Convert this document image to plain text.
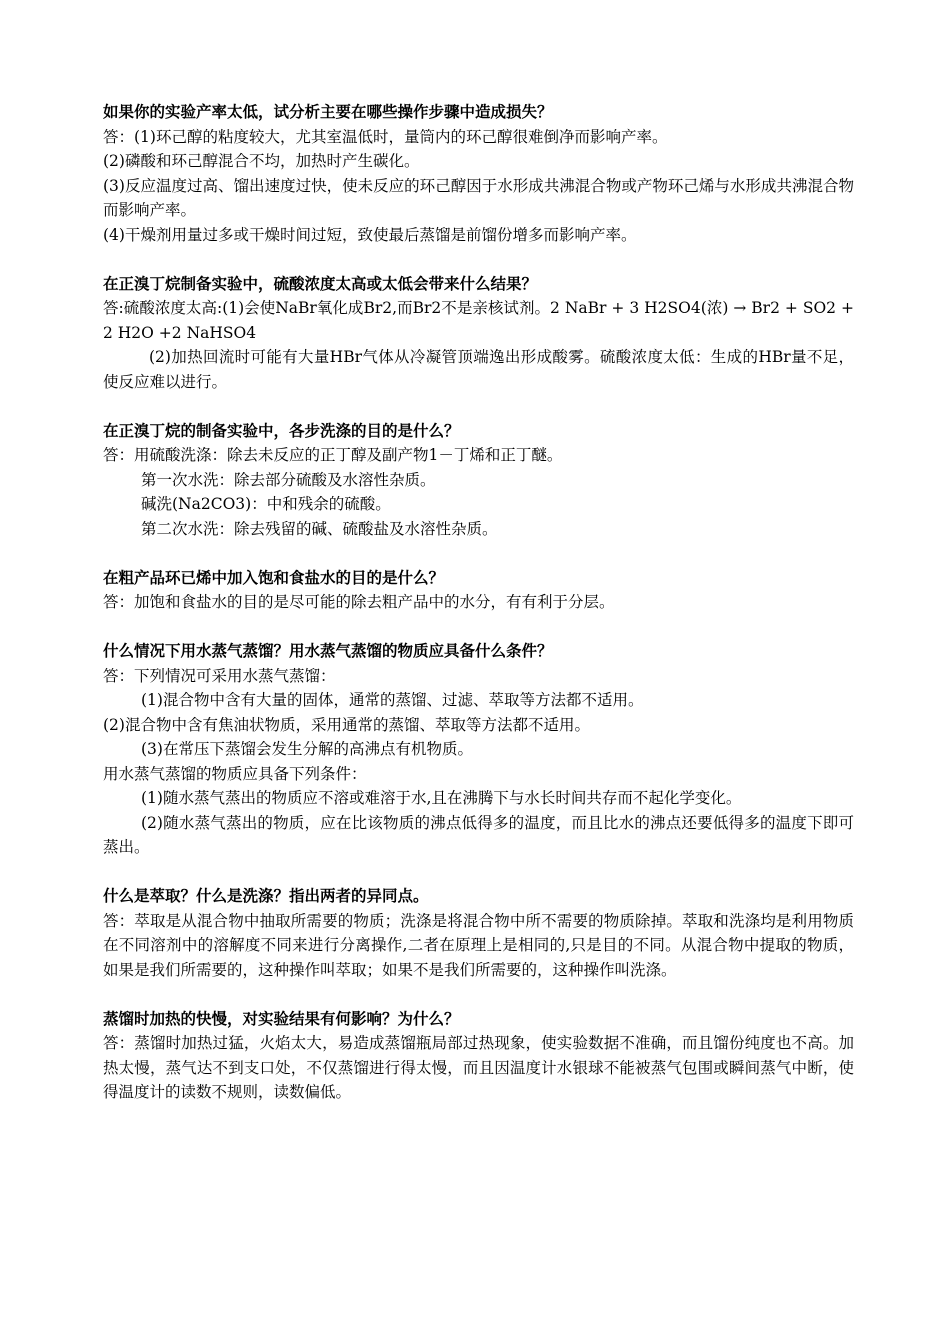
如果你的实验产率太低，试分析主要在哪些操作步骤中造成损失？

答：(1)环己醇的粘度较大，尤其室温低时，量筒内的环己醇很难倒净而影响产率。

(2)磷酸和环己醇混合不均，加热时产生碳化。

(3)反应温度过高、馏出速度过快，使未反应的环己醇因于水形成共沸混合物或产物环己烯与水形成共沸混合物而影响产率。

(4)干燥剂用量过多或干燥时间过短，致使最后蒸馏是前馏份增多而影响产率。

在正溴丁烷制备实验中，硫酸浓度太高或太低会带来什么结果？

答:硫酸浓度太高:(1)会使NaBr氧化成Br2,而Br2不是亲核试剂。2 NaBr + 3 H2SO4(浓) → Br2 + SO2 + 2 H2O +2 NaHSO4

(2)加热回流时可能有大量HBr气体从冷凝管顶端逸出形成酸雾。硫酸浓度太低：生成的HBr量不足，使反应难以进行。

在正溴丁烷的制备实验中，各步洗涤的目的是什么？

答：用硫酸洗涤：除去未反应的正丁醇及副产物1－丁烯和正丁醚。

第一次水洗：除去部分硫酸及水溶性杂质。

碱洗(Na2CO3)：中和残余的硫酸。

第二次水洗：除去残留的碱、硫酸盐及水溶性杂质。

在粗产品环已烯中加入饱和食盐水的目的是什么？

答：加饱和食盐水的目的是尽可能的除去粗产品中的水分，有有利于分层。

什么情况下用水蒸气蒸馏？用水蒸气蒸馏的物质应具备什么条件？

答：下列情况可采用水蒸气蒸馏：

(1)混合物中含有大量的固体，通常的蒸馏、过滤、萃取等方法都不适用。

(2)混合物中含有焦油状物质，采用通常的蒸馏、萃取等方法都不适用。

(3)在常压下蒸馏会发生分解的高沸点有机物质。

用水蒸气蒸馏的物质应具备下列条件：

(1)随水蒸气蒸出的物质应不溶或难溶于水,且在沸腾下与水长时间共存而不起化学变化。

(2)随水蒸气蒸出的物质，应在比该物质的沸点低得多的温度，而且比水的沸点还要低得多的温度下即可蒸出。

什么是萃取？什么是洗涤？指出两者的异同点。

答：萃取是从混合物中抽取所需要的物质；洗涤是将混合物中所不需要的物质除掉。萃取和洗涤均是利用物质在不同溶剂中的溶解度不同来进行分离操作,二者在原理上是相同的,只是目的不同。从混合物中提取的物质，如果是我们所需要的，这种操作叫萃取；如果不是我们所需要的，这种操作叫洗涤。

蒸馏时加热的快慢，对实验结果有何影响？为什么？

答：蒸馏时加热过猛，火焰太大，易造成蒸馏瓶局部过热现象，使实验数据不准确，而且馏份纯度也不高。加热太慢，蒸气达不到支口处，不仅蒸馏进行得太慢，而且因温度计水银球不能被蒸气包围或瞬间蒸气中断，使得温度计的读数不规则，读数偏低。
